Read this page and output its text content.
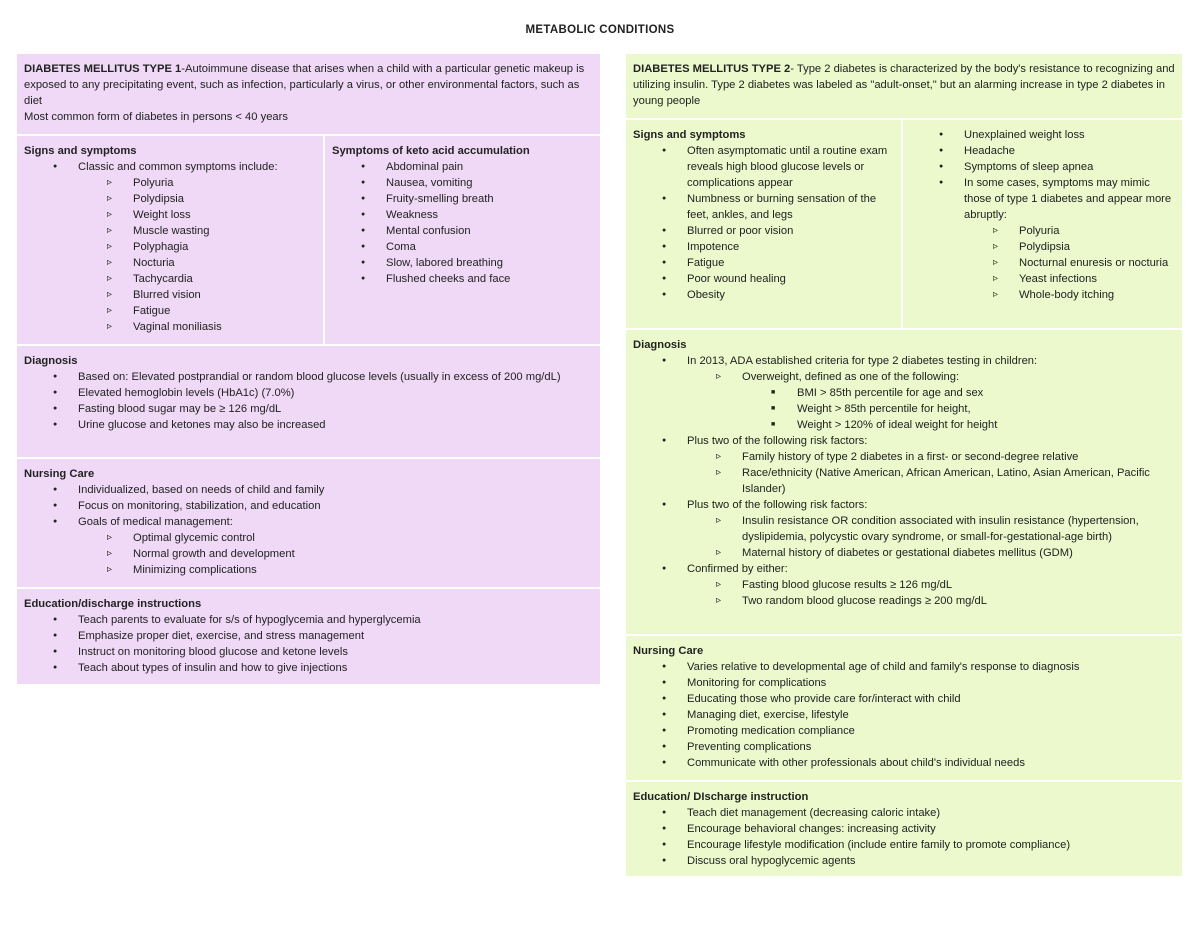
METABOLIC CONDITIONS
DIABETES MELLITUS TYPE 1-Autoimmune disease that arises when a child with a particular genetic makeup is exposed to any precipitating event, such as infection, particularly a virus, or other environmental factors, such as diet
Most common form of diabetes in persons < 40 years
Signs and symptoms
● Classic and common symptoms include:
▹ Polyuria
▹ Polydipsia
▹ Weight loss
▹ Muscle wasting
▹ Polyphagia
▹ Nocturia
▹ Tachycardia
▹ Blurred vision
▹ Fatigue
▹ Vaginal moniliasis
Symptoms of keto acid accumulation
● Abdominal pain
● Nausea, vomiting
● Fruity-smelling breath
● Weakness
● Mental confusion
● Coma
● Slow, labored breathing
● Flushed cheeks and face
Diagnosis
● Based on: Elevated postprandial or random blood glucose levels (usually in excess of 200 mg/dL)
● Elevated hemoglobin levels (HbA1c) (7.0%)
● Fasting blood sugar may be ≥ 126 mg/dL
● Urine glucose and ketones may also be increased
Nursing Care
● Individualized, based on needs of child and family
● Focus on monitoring, stabilization, and education
● Goals of medical management:
▹ Optimal glycemic control
▹ Normal growth and development
▹ Minimizing complications
Education/discharge instructions
● Teach parents to evaluate for s/s of hypoglycemia and hyperglycemia
● Emphasize proper diet, exercise, and stress management
● Instruct on monitoring blood glucose and ketone levels
● Teach about types of insulin and how to give injections
DIABETES MELLITUS TYPE 2- Type 2 diabetes is characterized by the body's resistance to recognizing and utilizing insulin. Type 2 diabetes was labeled as "adult-onset," but an alarming increase in type 2 diabetes in young people
Signs and symptoms
● Often asymptomatic until a routine exam reveals high blood glucose levels or complications appear
● Numbness or burning sensation of the feet, ankles, and legs
● Blurred or poor vision
● Impotence
● Fatigue
● Poor wound healing
● Obesity
● Unexplained weight loss
● Headache
● Symptoms of sleep apnea
● In some cases, symptoms may mimic those of type 1 diabetes and appear more abruptly:
▹ Polyuria
▹ Polydipsia
▹ Nocturnal enuresis or nocturia
▹ Yeast infections
▹ Whole-body itching
Diagnosis
● In 2013, ADA established criteria for type 2 diabetes testing in children:
▹ Overweight, defined as one of the following:
■ BMI > 85th percentile for age and sex
■ Weight > 85th percentile for height,
■ Weight > 120% of ideal weight for height
● Plus two of the following risk factors:
▹ Family history of type 2 diabetes in a first- or second-degree relative
▹ Race/ethnicity (Native American, African American, Latino, Asian American, Pacific Islander)
● Plus two of the following risk factors:
▹ Insulin resistance OR condition associated with insulin resistance (hypertension, dyslipidemia, polycystic ovary syndrome, or small-for-gestational-age birth)
▹ Maternal history of diabetes or gestational diabetes mellitus (GDM)
● Confirmed by either:
▹ Fasting blood glucose results ≥ 126 mg/dL
▹ Two random blood glucose readings ≥ 200 mg/dL
Nursing Care
● Varies relative to developmental age of child and family's response to diagnosis
● Monitoring for complications
● Educating those who provide care for/interact with child
● Managing diet, exercise, lifestyle
● Promoting medication compliance
● Preventing complications
● Communicate with other professionals about child's individual needs
Education/ DIscharge instruction
● Teach diet management (decreasing caloric intake)
● Encourage behavioral changes: increasing activity
● Encourage lifestyle modification (include entire family to promote compliance)
● Discuss oral hypoglycemic agents
